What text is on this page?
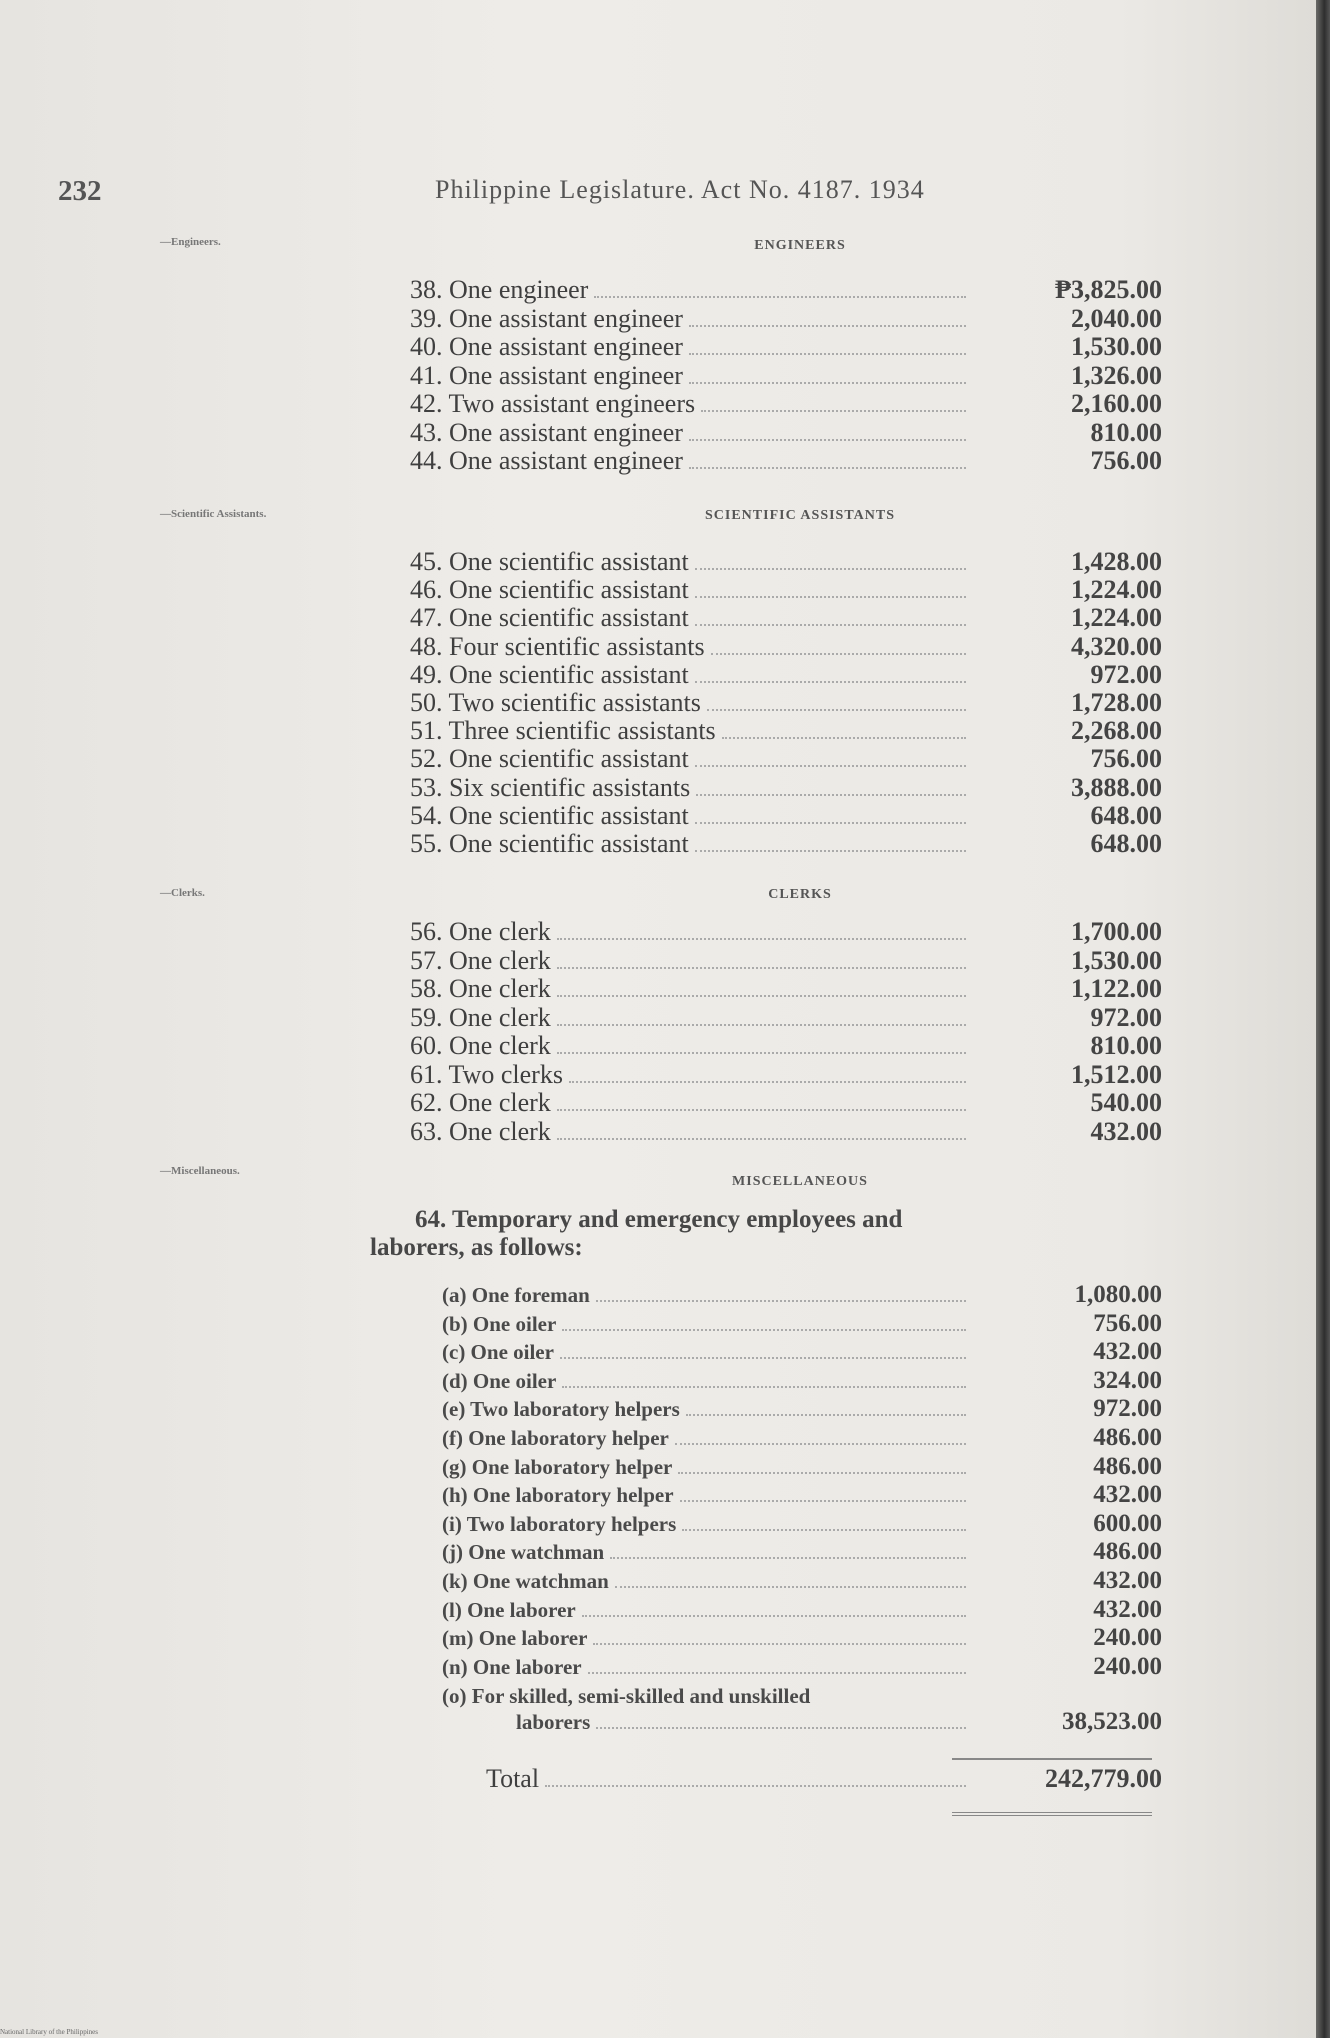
232	Philippine Legislature. Act No. 4187. 1934
—Engineers.	ENGINEERS
38. One engineer	₱3,825.00
39. One assistant engineer	2,040.00
40. One assistant engineer	1,530.00
41. One assistant engineer	1,326.00
42. Two assistant engineers	2,160.00
43. One assistant engineer	810.00
44. One assistant engineer	756.00
—Scientific Assistants.	SCIENTIFIC ASSISTANTS
45. One scientific assistant	1,428.00
46. One scientific assistant	1,224.00
47. One scientific assistant	1,224.00
48. Four scientific assistants	4,320.00
49. One scientific assistant	972.00
50. Two scientific assistants	1,728.00
51. Three scientific assistants	2,268.00
52. One scientific assistant	756.00
53. Six scientific assistants	3,888.00
54. One scientific assistant	648.00
55. One scientific assistant	648.00
—Clerks.	CLERKS
56. One clerk	1,700.00
57. One clerk	1,530.00
58. One clerk	1,122.00
59. One clerk	972.00
60. One clerk	810.00
61. Two clerks	1,512.00
62. One clerk	540.00
63. One clerk	432.00
—Miscellaneous.
MISCELLANEOUS
64. Temporary and emergency employees and laborers, as follows:
(a) One foreman	1,080.00
(b) One oiler	756.00
(c) One oiler	432.00
(d) One oiler	324.00
(e) Two laboratory helpers	972.00
(f) One laboratory helper	486.00
(g) One laboratory helper	486.00
(h) One laboratory helper	432.00
(i) Two laboratory helpers	600.00
(j) One watchman	486.00
(k) One watchman	432.00
(l) One laborer	432.00
(m) One laborer	240.00
(n) One laborer	240.00
(o) For skilled, semi-skilled and unskilled
laborers	38,523.00
Total	242,779.00
National Library of the Philippines
